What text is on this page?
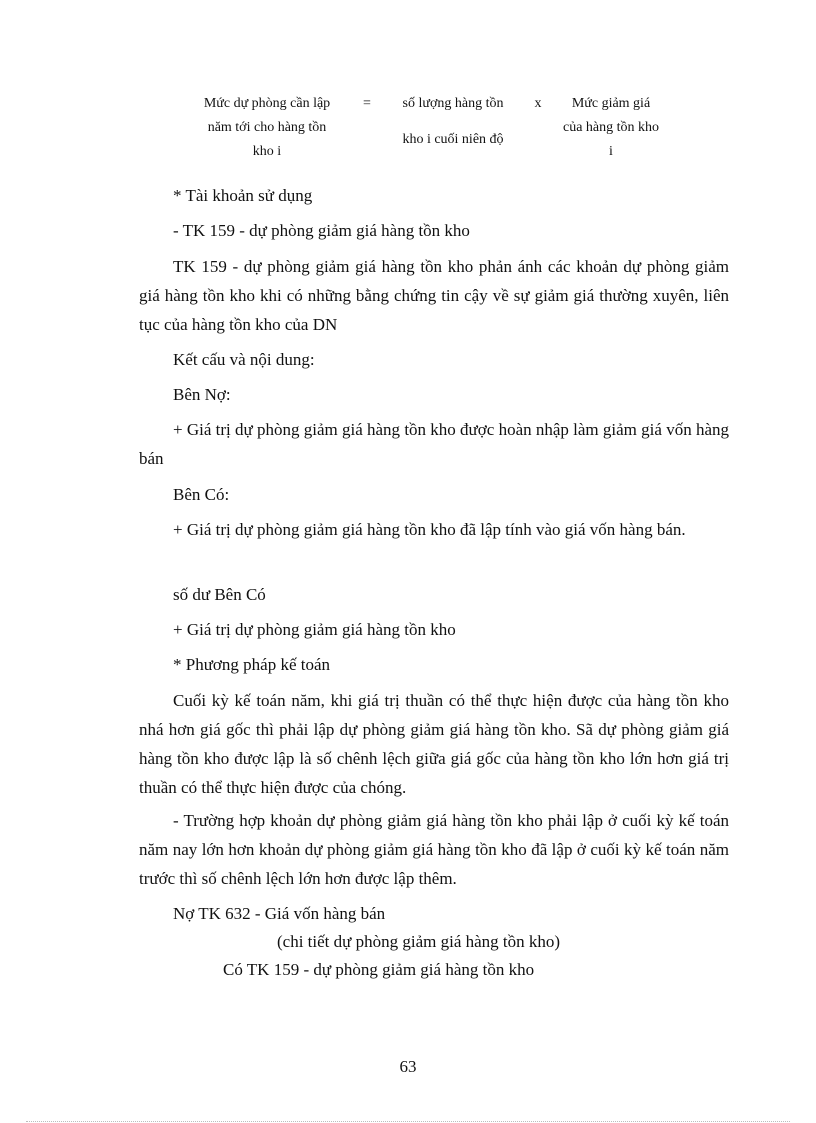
Mức dự phòng cần lập
năm tới cho hàng tồn
kho i
=	số lượng hàng tồn
kho i cuối niên độ
x	Mức giảm giá
của hàng tồn kho
i

* Tài khoản sử dụng

- TK 159 - dự phòng giảm giá hàng tồn kho

TK 159 - dự phòng giảm giá hàng tồn kho phản ánh các khoản dự phòng giảm giá hàng tồn kho khi có những bằng chứng tin cậy về sự giảm giá thường xuyên, liên tục của hàng tồn kho của DN

Kết cấu và nội dung:

Bên Nợ:

+ Giá trị dự phòng giảm giá hàng tồn kho được hoàn nhập làm giảm giá vốn hàng bán

Bên Có:

+ Giá trị dự phòng giảm giá hàng tồn kho đã lập tính vào giá vốn hàng bán.

số dư Bên Có

+ Giá trị dự phòng giảm giá hàng tồn kho

* Phương pháp kế toán

Cuối kỳ kế toán năm, khi giá trị thuần có thể thực hiện được của hàng tồn kho nhá hơn giá gốc thì phải lập dự phòng giảm giá hàng tồn kho. Sã dự phòng giảm giá hàng tồn kho được lập là số chênh lệch giữa giá gốc của hàng tồn kho lớn hơn giá trị thuần có thể thực hiện được của chóng.

- Trường hợp khoản dự phòng giảm giá hàng tồn kho phải lập ở cuối kỳ kế toán năm nay lớn hơn khoản dự phòng giảm giá hàng tồn kho đã lập ở cuối kỳ kế toán năm trước thì số chênh lệch lớn hơn được lập thêm.

Nợ TK 632 - Giá vốn hàng bán

(chi tiết dự phòng giảm giá hàng tồn kho)

Có TK 159 - dự phòng giảm giá hàng tồn kho

63
